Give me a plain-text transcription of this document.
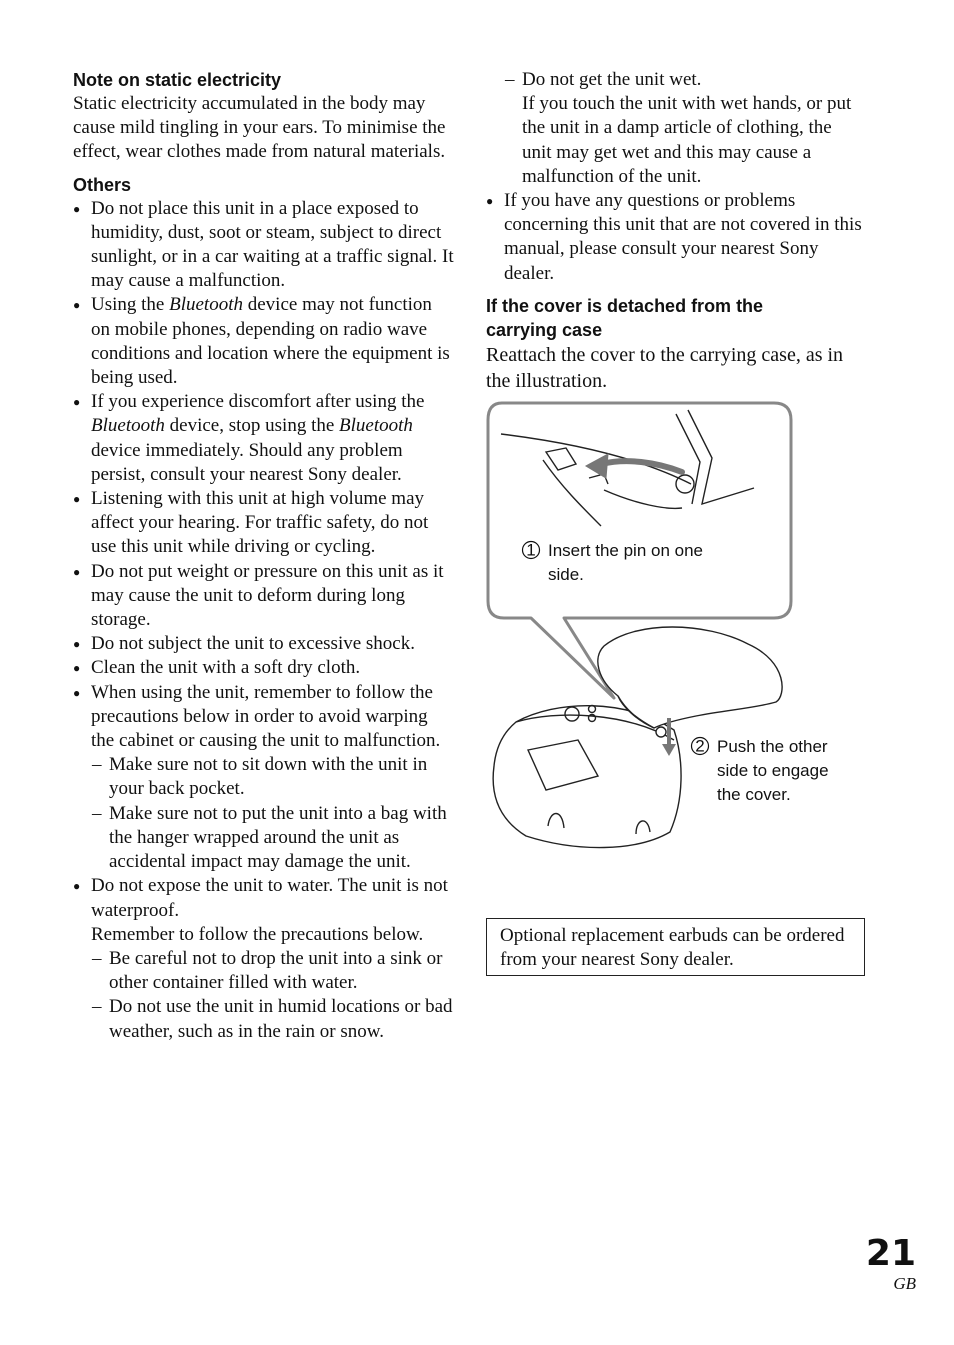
Note on static electricity

Static electricity accumulated in the body may cause mild tingling in your ears. To minimise the effect, wear clothes made from natural materials.

Others
● Do not place this unit in a place exposed to humidity, dust, soot or steam, subject to direct sunlight, or in a car waiting at a traffic signal. It may cause a malfunction.
● Using the Bluetooth device may not function on mobile phones, depending on radio wave conditions and location where the equipment is being used.
● If you experience discomfort after using the Bluetooth device, stop using the Bluetooth device immediately. Should any problem persist, consult your nearest Sony dealer.
● Listening with this unit at high volume may affect your hearing. For traffic safety, do not use this unit while driving or cycling.
● Do not put weight or pressure on this unit as it may cause the unit to deform during long storage.
● Do not subject the unit to excessive shock.
● Clean the unit with a soft dry cloth.
● When using the unit, remember to follow the precautions below in order to avoid warping the cabinet or causing the unit to malfunction.
– Make sure not to sit down with the unit in your back pocket.
– Make sure not to put the unit into a bag with the hanger wrapped around the unit as accidental impact may damage the unit.
● Do not expose the unit to water. The unit is not waterproof.
Remember to follow the precautions below.
– Be careful not to drop the unit into a sink or other container filled with water.
– Do not use the unit in humid locations or bad weather, such as in the rain or snow.
– Do not get the unit wet.
If you touch the unit with wet hands, or put the unit in a damp article of clothing, the unit may get wet and this may cause a malfunction of the unit.
● If you have any questions or problems concerning this unit that are not covered in this manual, please consult your nearest Sony dealer.
If the cover is detached from the
carrying case

Reattach the cover to the carrying case, as in the illustration.

1 Insert the pin on one
side.
2 Push the other
side to engage
the cover.
Optional replacement earbuds can be ordered from your nearest Sony dealer.
21
GB
